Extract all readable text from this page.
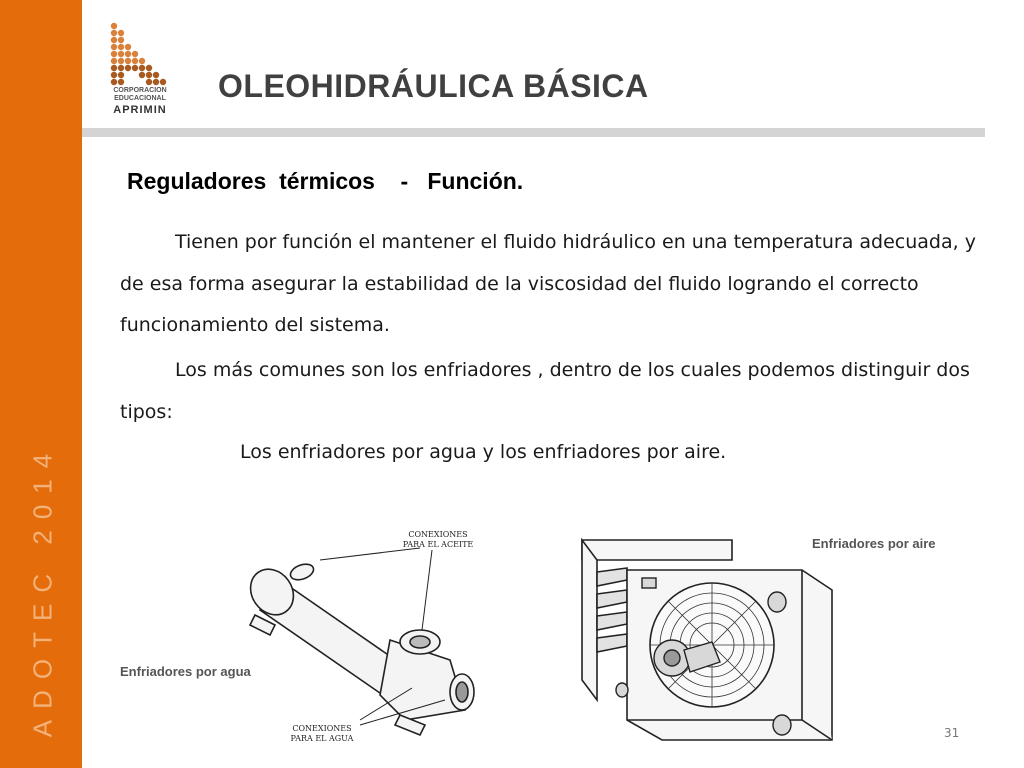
ADOTEC 2014
CORPORACION
EDUCACIONAL
APRIMIN
OLEOHIDRÁULICA BÁSICA
Reguladores  térmicos    -   Función.

Tienen por función el mantener el fluido hidráulico en una temperatura adecuada, y de esa forma asegurar la estabilidad de la viscosidad del fluido logrando el correcto funcionamiento del sistema.

Los más comunes son los enfriadores , dentro de los cuales podemos distinguir dos tipos:

Los enfriadores por agua y los enfriadores por aire.

CONEXIONES
PARA EL ACEITE
CONEXIONES
PARA EL AGUA
Enfriadores por agua
Enfriadores por aire
31
